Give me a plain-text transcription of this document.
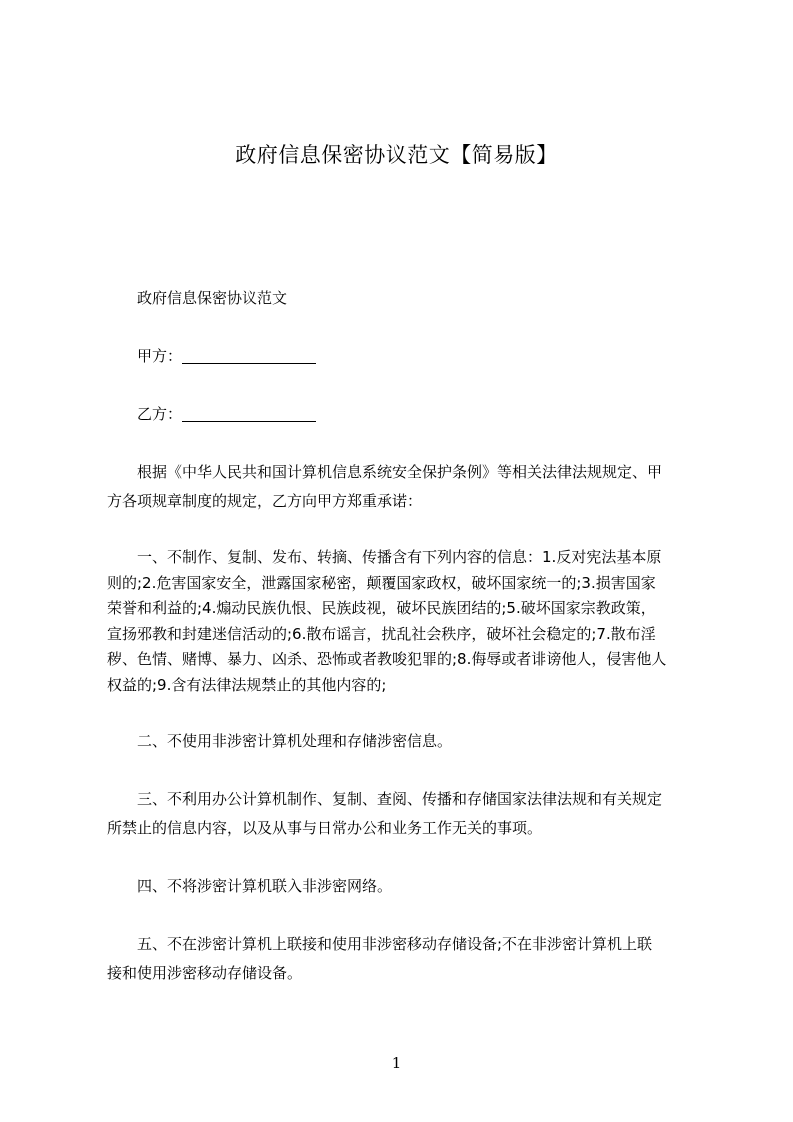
政府信息保密协议范文【简易版】

政府信息保密协议范文

甲方：

乙方：

根据《中华人民共和国计算机信息系统安全保护条例》等相关法律法规规定、甲
方各项规章制度的规定，乙方向甲方郑重承诺：

一、不制作、复制、发布、转摘、传播含有下列内容的信息：1.反对宪法基本原
则的;2.危害国家安全，泄露国家秘密，颠覆国家政权，破坏国家统一的;3.损害国家
荣誉和利益的;4.煽动民族仇恨、民族歧视，破坏民族团结的;5.破坏国家宗教政策，
宣扬邪教和封建迷信活动的;6.散布谣言，扰乱社会秩序，破坏社会稳定的;7.散布淫
秽、色情、赌博、暴力、凶杀、恐怖或者教唆犯罪的;8.侮辱或者诽谤他人，侵害他人
权益的;9.含有法律法规禁止的其他内容的;

二、不使用非涉密计算机处理和存储涉密信息。

三、不利用办公计算机制作、复制、查阅、传播和存储国家法律法规和有关规定
所禁止的信息内容，以及从事与日常办公和业务工作无关的事项。

四、不将涉密计算机联入非涉密网络。

五、不在涉密计算机上联接和使用非涉密移动存储设备;不在非涉密计算机上联
接和使用涉密移动存储设备。

1
